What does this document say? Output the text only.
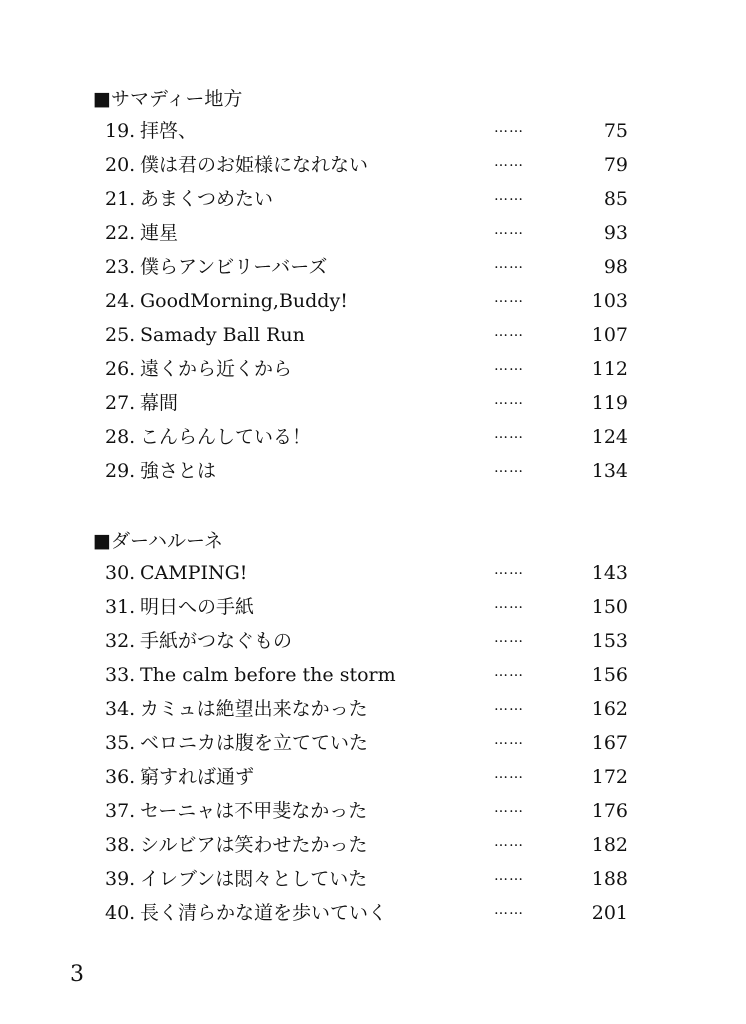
■サマディー地方
19. 拝啓、	……	75
20. 僕は君のお姫様になれない	……	79
21. あまくつめたい	……	85
22. 連星	……	93
23. 僕らアンビリーバーズ	……	98
24. GoodMorning,Buddy!	……	103
25. Samady Ball Run	……	107
26. 遠くから近くから	……	112
27. 幕間	……	119
28. こんらんしている！	……	124
29. 強さとは	……	134
■ダーハルーネ
30. CAMPING!	……	143
31. 明日への手紙	……	150
32. 手紙がつなぐもの	……	153
33. The calm before the storm	……	156
34. カミュは絶望出来なかった	……	162
35. ベロニカは腹を立てていた	……	167
36. 窮すれば通ず	……	172
37. セーニャは不甲斐なかった	……	176
38. シルビアは笑わせたかった	……	182
39. イレブンは悶々としていた	……	188
40. 長く清らかな道を歩いていく	……	201
3
